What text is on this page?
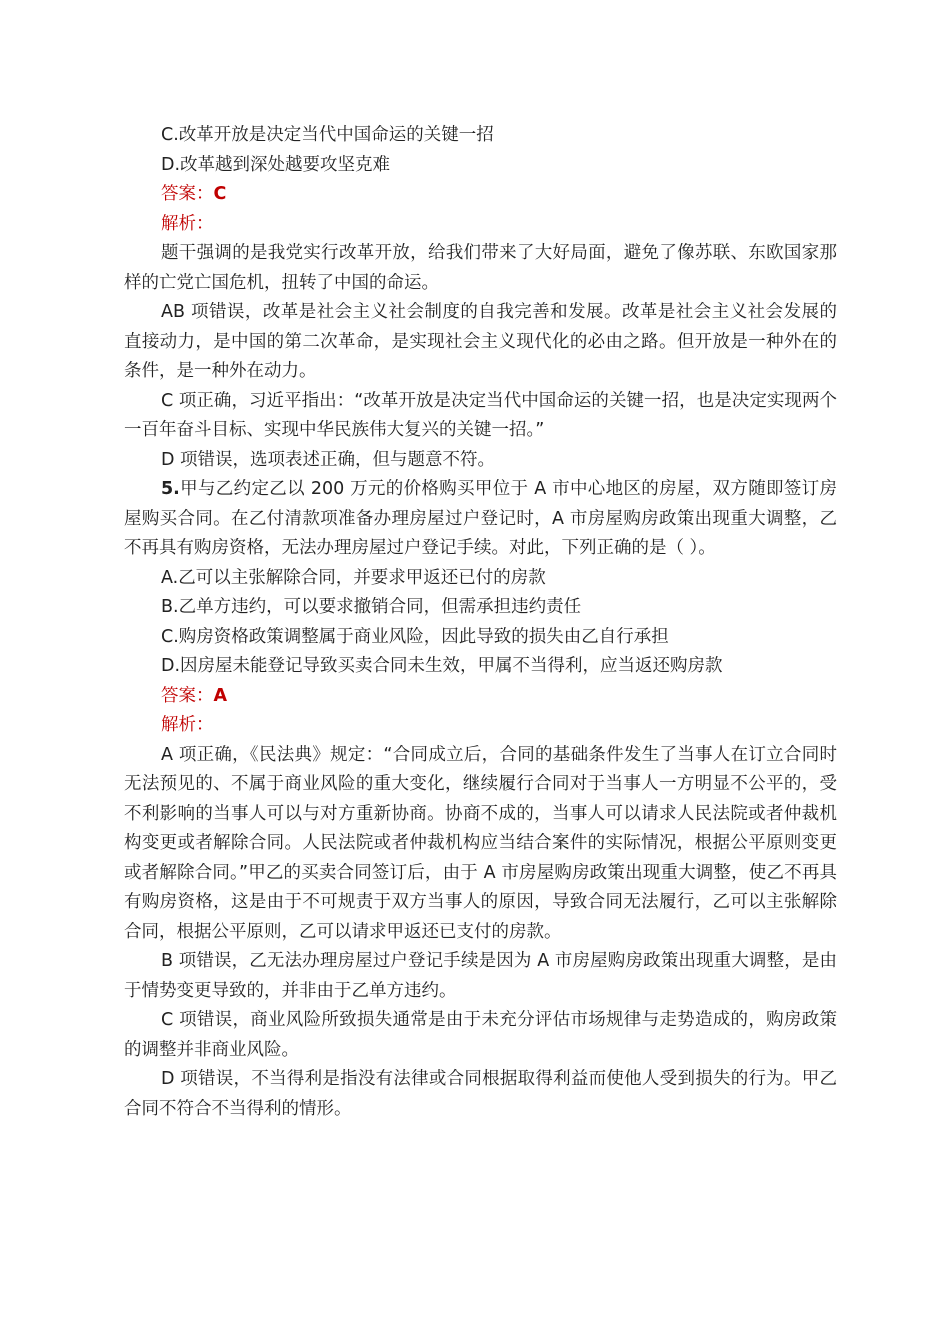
C.改革开放是决定当代中国命运的关键一招
D.改革越到深处越要攻坚克难
答案：C
解析：
题干强调的是我党实行改革开放，给我们带来了大好局面，避免了像苏联、东欧国家那样的亡党亡国危机，扭转了中国的命运。
AB 项错误，改革是社会主义社会制度的自我完善和发展。改革是社会主义社会发展的直接动力，是中国的第二次革命，是实现社会主义现代化的必由之路。但开放是一种外在的条件，是一种外在动力。
C 项正确，习近平指出：“改革开放是决定当代中国命运的关键一招，也是决定实现两个一百年奋斗目标、实现中华民族伟大复兴的关键一招。”
D 项错误，选项表述正确，但与题意不符。
5.甲与乙约定乙以 200 万元的价格购买甲位于 A 市中心地区的房屋，双方随即签订房屋购买合同。在乙付清款项准备办理房屋过户登记时，A 市房屋购房政策出现重大调整，乙不再具有购房资格，无法办理房屋过户登记手续。对此，下列正确的是（ ）。
A.乙可以主张解除合同，并要求甲返还已付的房款
B.乙单方违约，可以要求撤销合同，但需承担违约责任
C.购房资格政策调整属于商业风险，因此导致的损失由乙自行承担
D.因房屋未能登记导致买卖合同未生效，甲属不当得利，应当返还购房款
答案：A
解析：
A 项正确，《民法典》规定：“合同成立后，合同的基础条件发生了当事人在订立合同时无法预见的、不属于商业风险的重大变化，继续履行合同对于当事人一方明显不公平的，受不利影响的当事人可以与对方重新协商。协商不成的，当事人可以请求人民法院或者仲裁机构变更或者解除合同。人民法院或者仲裁机构应当结合案件的实际情况，根据公平原则变更或者解除合同。”甲乙的买卖合同签订后，由于 A 市房屋购房政策出现重大调整，使乙不再具有购房资格，这是由于不可规责于双方当事人的原因，导致合同无法履行，乙可以主张解除合同，根据公平原则，乙可以请求甲返还已支付的房款。
B 项错误，乙无法办理房屋过户登记手续是因为 A 市房屋购房政策出现重大调整，是由于情势变更导致的，并非由于乙单方违约。
C 项错误，商业风险所致损失通常是由于未充分评估市场规律与走势造成的，购房政策的调整并非商业风险。
D 项错误，不当得利是指没有法律或合同根据取得利益而使他人受到损失的行为。甲乙合同不符合不当得利的情形。
